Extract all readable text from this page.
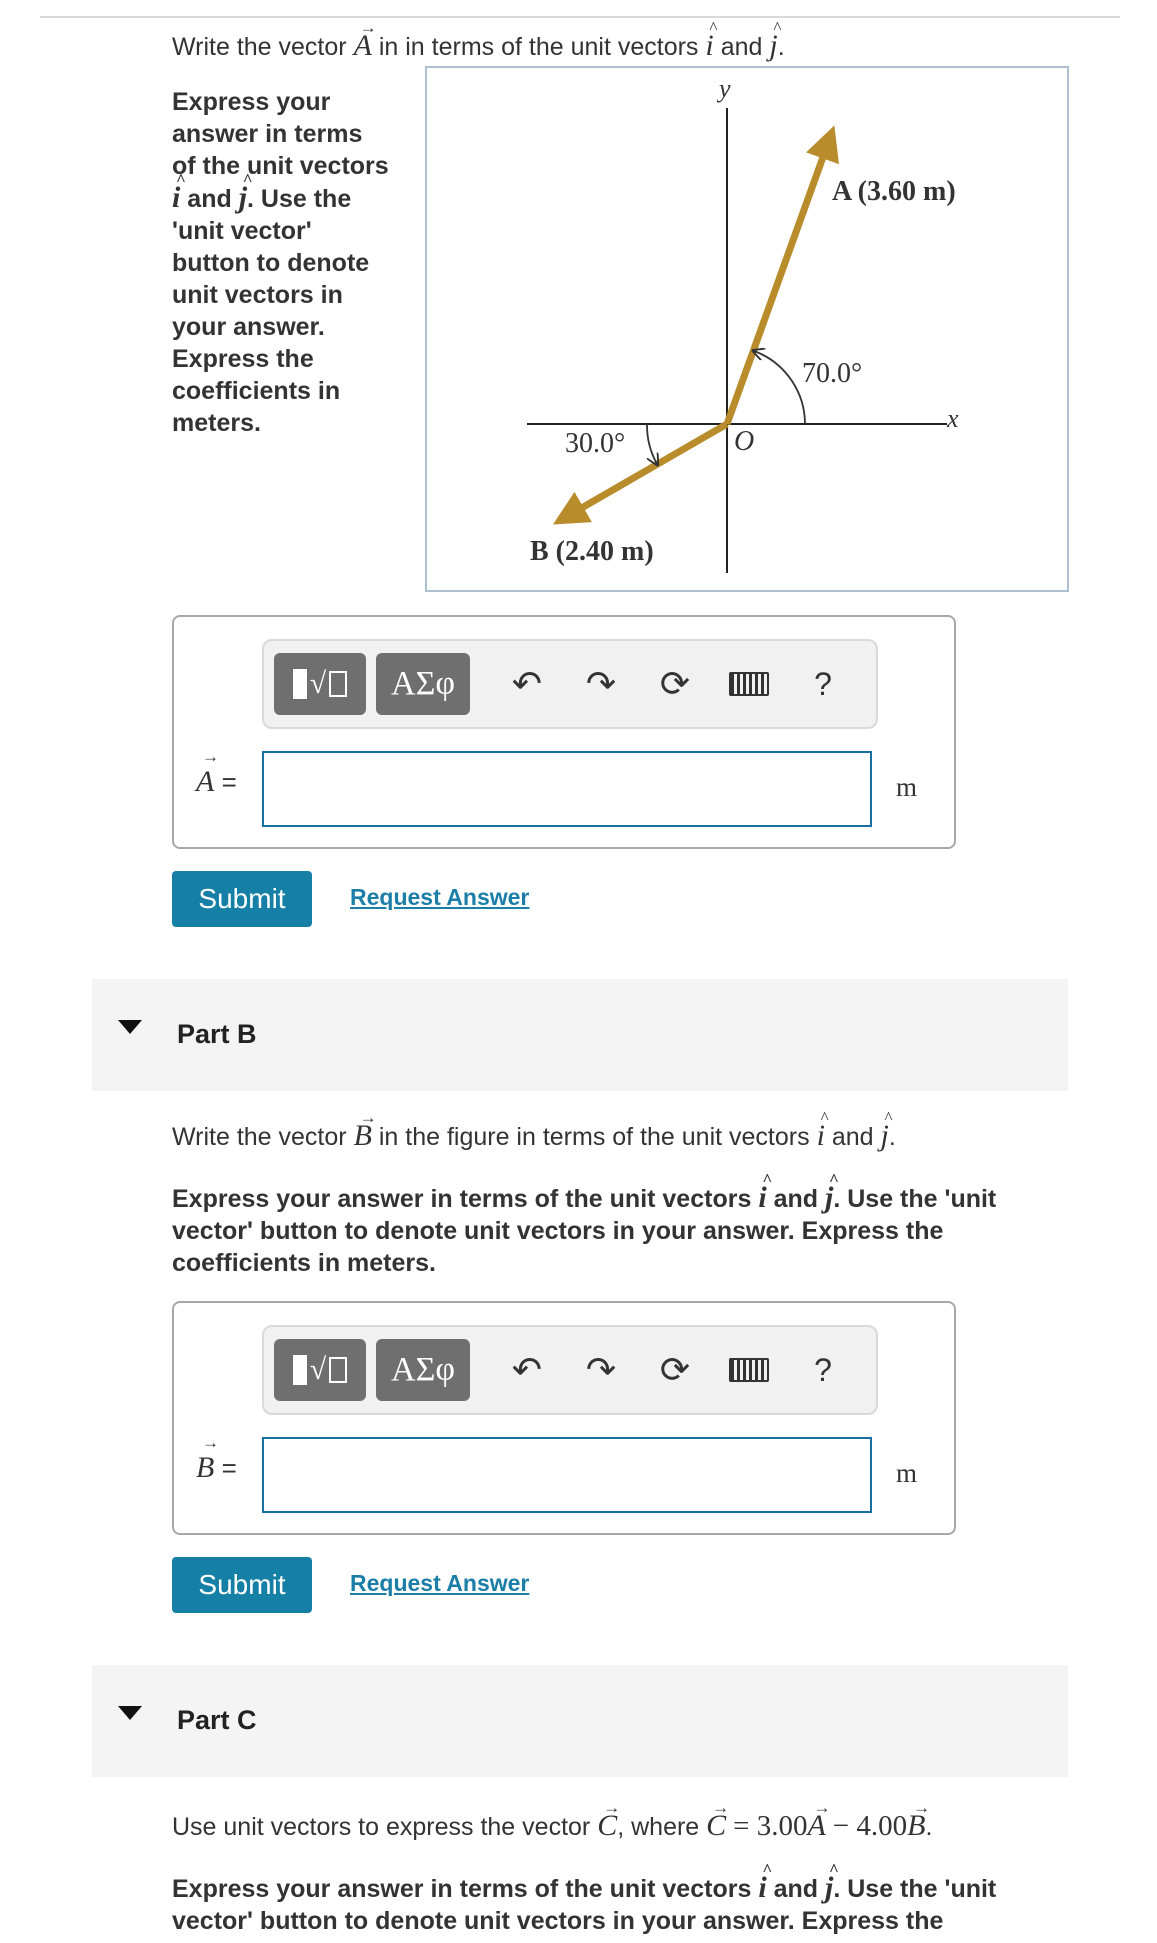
Write the vector → A in in terms of the unit vectors ^ i and ^ j.
Express your
answer in terms
of the unit vectors
^ i and ^ j. Use the
'unit vector'
button to denote
unit vectors in
your answer.
Express the
coefficients in
meters.
y
x
O
A (3.60 m)
70.0°
30.0°
B (2.40 m)
√	ΑΣφ	↶	↷	⟳	?
→ A =	m
Submit	Request Answer
Part B
Write the vector → B in the figure in terms of the unit vectors ^ i and ^ j.
Express your answer in terms of the unit vectors ^ i and ^ j. Use the 'unit
vector' button to denote unit vectors in your answer. Express the
coefficients in meters.
√	ΑΣφ	↶	↷	⟳	?
→ B =	m
Submit	Request Answer
Part C
Use unit vectors to express the vector → C, where → C = 3.00→ A − 4.00→ B.
Express your answer in terms of the unit vectors ^ i and ^ j. Use the 'unit
vector' button to denote unit vectors in your answer. Express the
